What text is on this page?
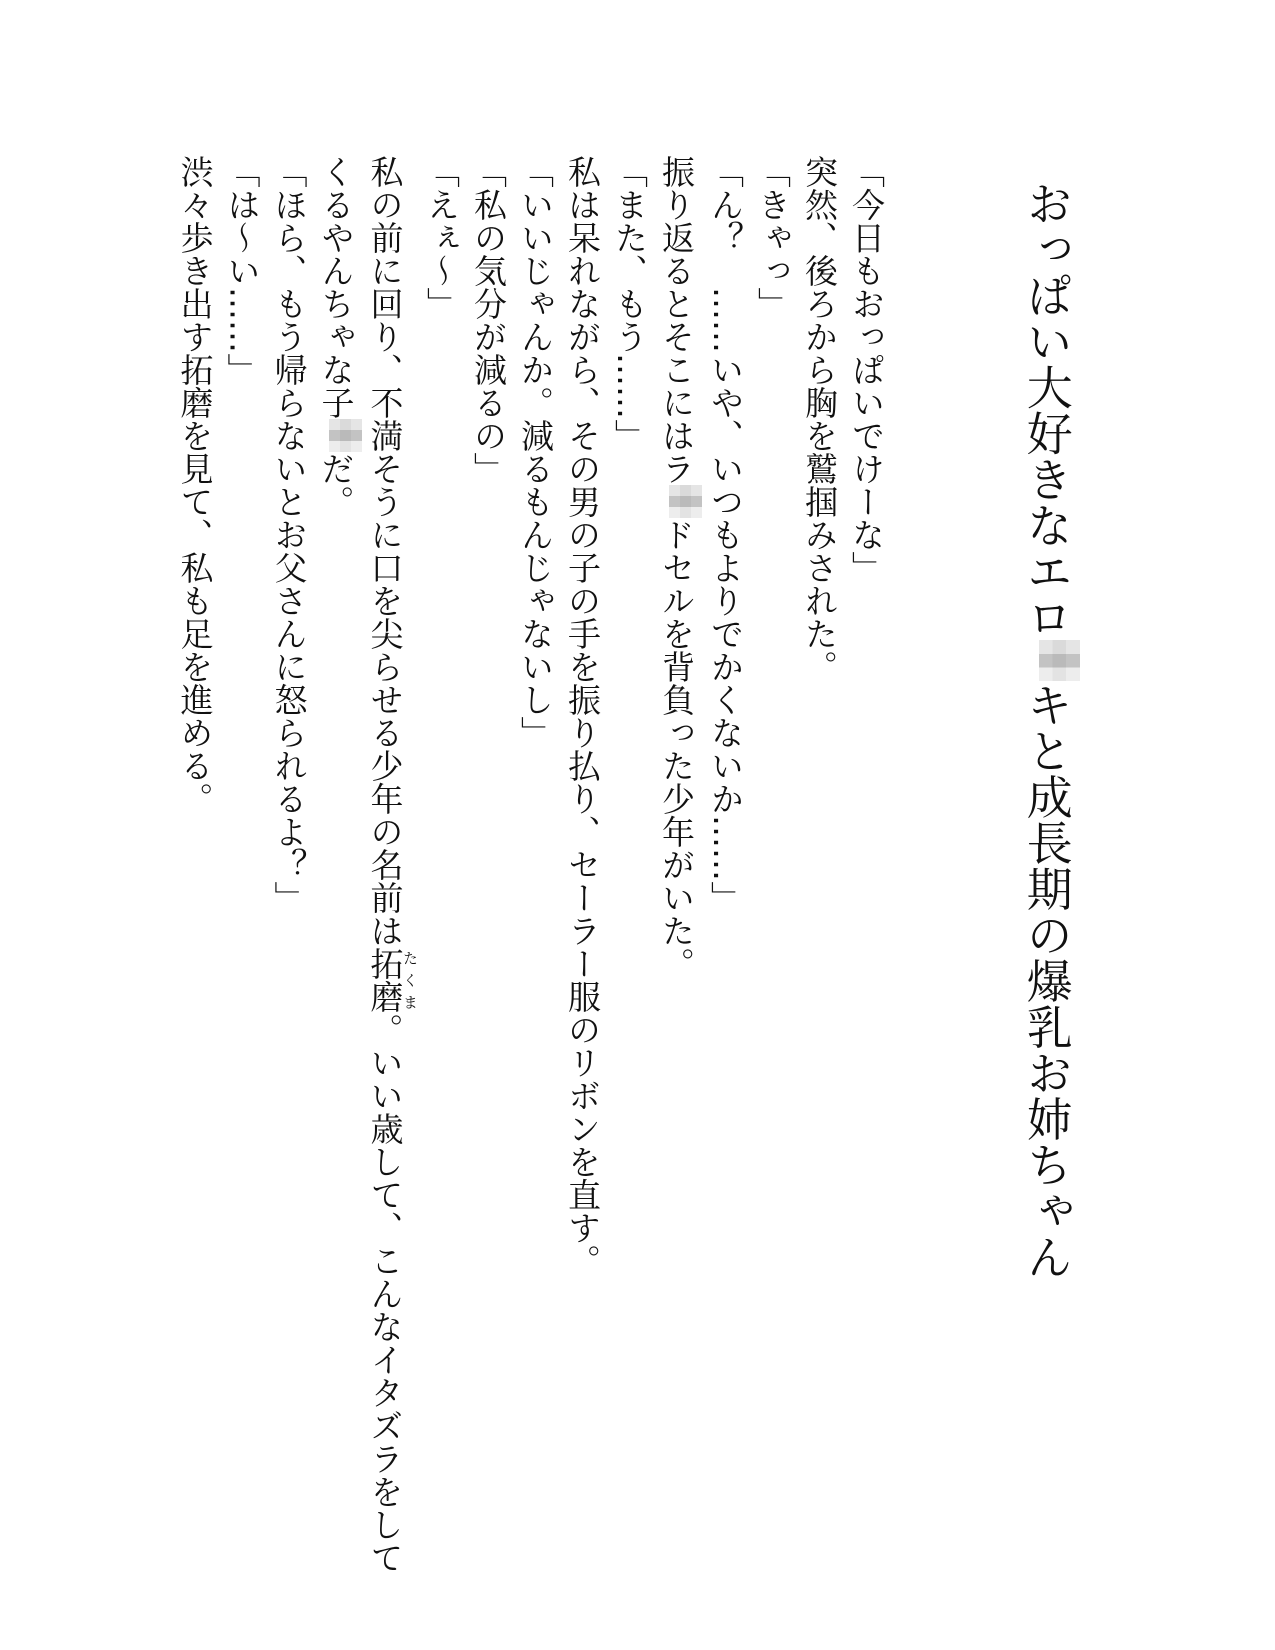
おっぱい大好きなエロキと成長期の爆乳お姉ちゃん
「今日もおっぱいでけーな」
突然、後ろから胸を鷲掴みされた。
「きゃっ」
「ん？　……いや、いつもよりでかくないか……」
振り返るとそこにはラドセルを背負った少年がいた。
「また、もう……」
私は呆れながら、その男の子の手を振り払り、セーラー服のリボンを直す。
「いいじゃんか。減るもんじゃないし」
「私の気分が減るの」
「えぇ～」
私の前に回り、不満そうに口を尖らせる少年の名前は拓磨たくま。いい歳して、こんなイタズラをして
くるやんちゃな子だ。
「ほら、もう帰らないとお父さんに怒られるよ？」
「は～い……」
渋々歩き出す拓磨を見て、私も足を進める。
